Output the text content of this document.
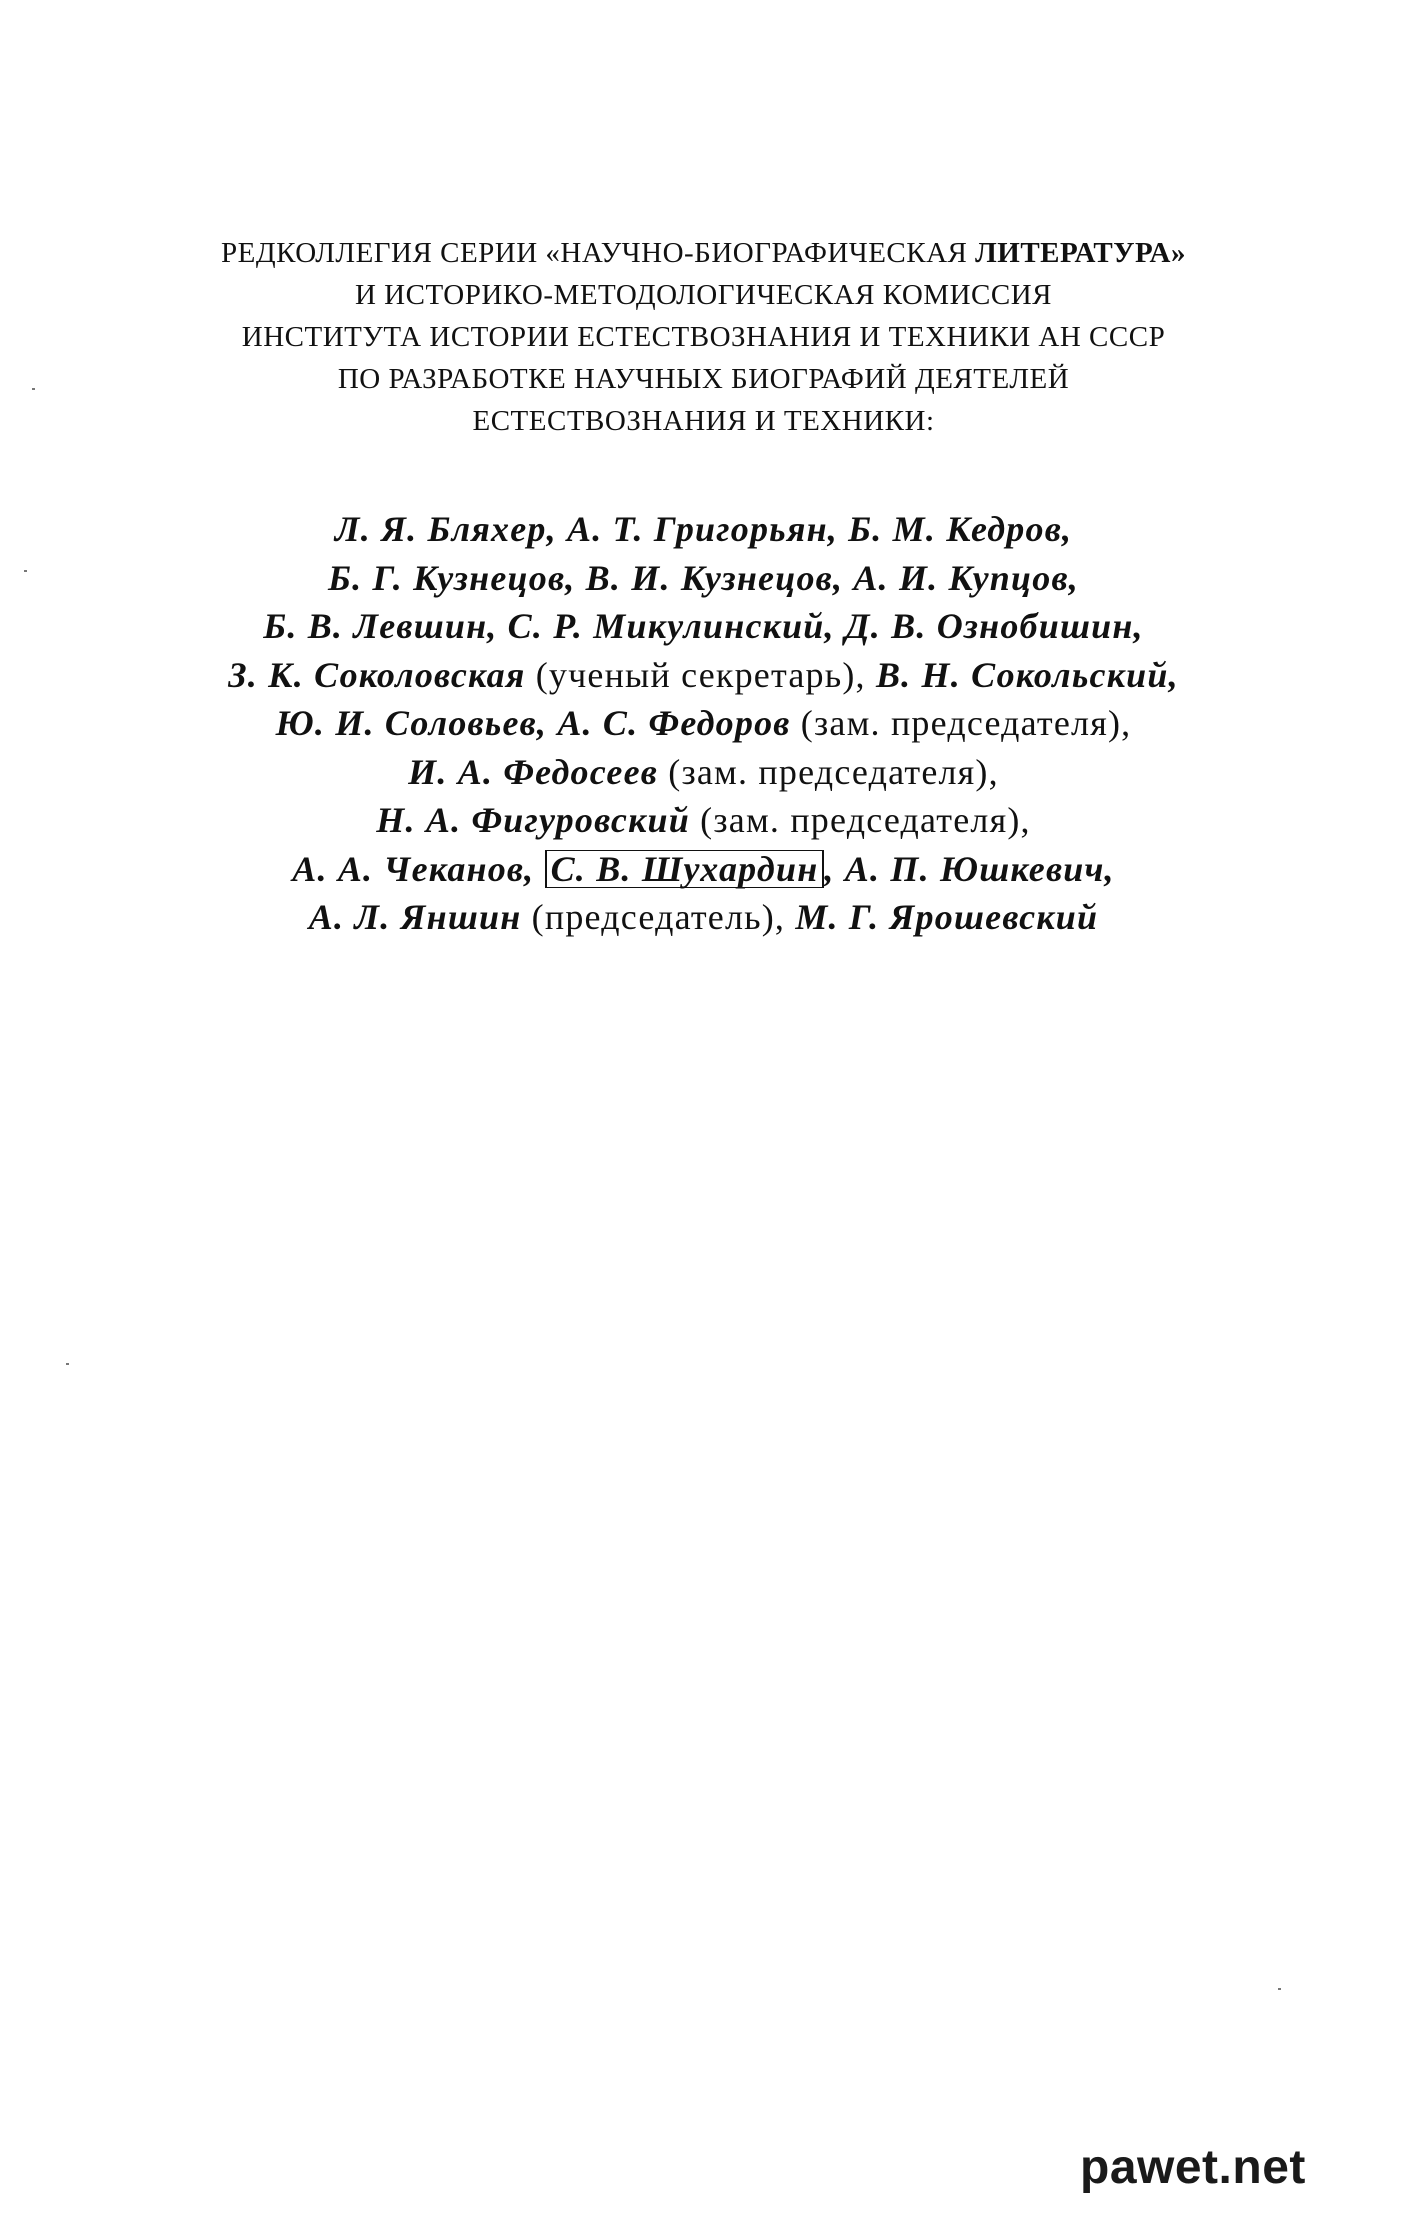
РЕДКОЛЛЕГИЯ СЕРИИ «НАУЧНО-БИОГРАФИЧЕСКАЯ ЛИТЕРАТУРА»
И ИСТОРИКО-МЕТОДОЛОГИЧЕСКАЯ КОМИССИЯ
ИНСТИТУТА ИСТОРИИ ЕСТЕСТВОЗНАНИЯ И ТЕХНИКИ АН СССР
ПО РАЗРАБОТКЕ НАУЧНЫХ БИОГРАФИЙ ДЕЯТЕЛЕЙ
ЕСТЕСТВОЗНАНИЯ И ТЕХНИКИ:
Л. Я. Бляхер, А. Т. Григорьян, Б. М. Кедров,
Б. Г. Кузнецов, В. И. Кузнецов, А. И. Купцов,
Б. В. Левшин, С. Р. Микулинский, Д. В. Ознобишин,
З. К. Соколовская (ученый секретарь), В. Н. Сокольский,
Ю. И. Соловьев, А. С. Федоров (зам. председателя),
И. А. Федосеев (зам. председателя),
Н. А. Фигуровский (зам. председателя),
А. А. Чеканов, С. В. Шухардин , А. П. Юшкевич,
А. Л. Яншин (председатель), М. Г. Ярошевский
pawet.net
